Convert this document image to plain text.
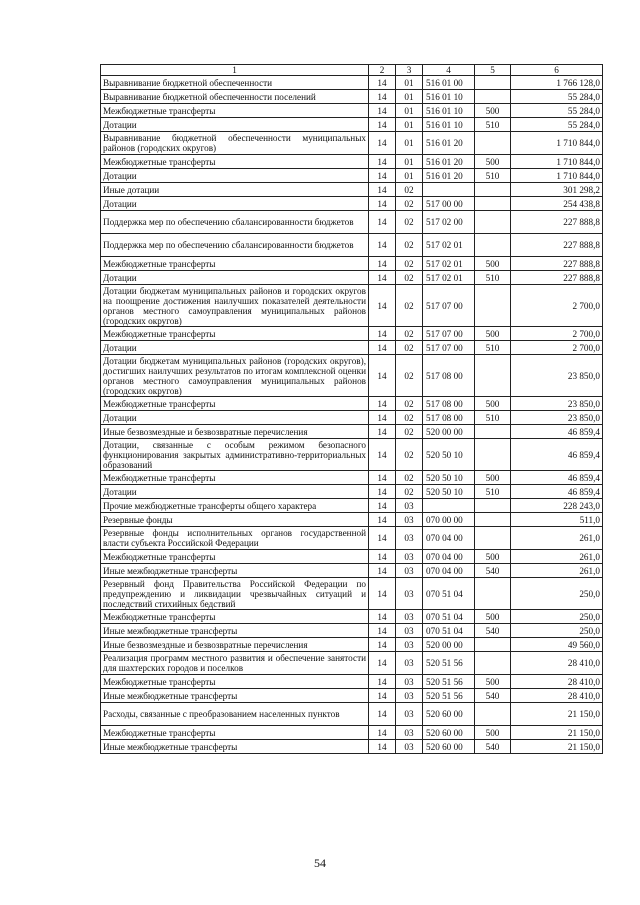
1	2	3	4	5	6
Выравнивание бюджетной обеспеченности	14	01	516 01 00		1 766 128,0
Выравнивание бюджетной обеспеченности поселений	14	01	516 01 10		55 284,0
Межбюджетные трансферты	14	01	516 01 10	500	55 284,0
Дотации	14	01	516 01 10	510	55 284,0
Выравнивание бюджетной обеспеченности муниципальных районов (городских округов)	14	01	516 01 20		1 710 844,0
Межбюджетные трансферты	14	01	516 01 20	500	1 710 844,0
Дотации	14	01	516 01 20	510	1 710 844,0
Иные дотации	14	02			301 298,2
Дотации	14	02	517 00 00		254 438,8
Поддержка мер по обеспечению сбалансированности бюджетов	14	02	517 02 00		227 888,8
Поддержка мер по обеспечению сбалансированности бюджетов	14	02	517 02 01		227 888,8
Межбюджетные трансферты	14	02	517 02 01	500	227 888,8
Дотации	14	02	517 02 01	510	227 888,8
Дотации бюджетам муниципальных районов и городских округов на поощрение достижения наилучших показателей деятельности органов местного самоуправления муниципальных районов (городских округов)	14	02	517 07 00		2 700,0
Межбюджетные трансферты	14	02	517 07 00	500	2 700,0
Дотации	14	02	517 07 00	510	2 700,0
Дотации бюджетам муниципальных районов (городских округов), достигших наилучших результатов по итогам комплексной оценки органов местного самоуправления муниципальных районов (городских округов)	14	02	517 08 00		23 850,0
Межбюджетные трансферты	14	02	517 08 00	500	23 850,0
Дотации	14	02	517 08 00	510	23 850,0
Иные безвозмездные и безвозвратные перечисления	14	02	520 00 00		46 859,4
Дотации, связанные с особым режимом безопасного функционирования закрытых административно-территориальных образований	14	02	520 50 10		46 859,4
Межбюджетные трансферты	14	02	520 50 10	500	46 859,4
Дотации	14	02	520 50 10	510	46 859,4
Прочие межбюджетные трансферты общего характера	14	03			228 243,0
Резервные фонды	14	03	070 00 00		511,0
Резервные фонды исполнительных органов государственной власти субъекта Российской Федерации	14	03	070 04 00		261,0
Межбюджетные трансферты	14	03	070 04 00	500	261,0
Иные межбюджетные трансферты	14	03	070 04 00	540	261,0
Резервный фонд Правительства Российской Федерации по предупреждению и ликвидации чрезвычайных ситуаций и последствий стихийных бедствий	14	03	070 51 04		250,0
Межбюджетные трансферты	14	03	070 51 04	500	250,0
Иные межбюджетные трансферты	14	03	070 51 04	540	250,0
Иные безвозмездные и безвозвратные перечисления	14	03	520 00 00		49 560,0
Реализация программ местного развития и обеспечение занятости для шахтерских городов и поселков	14	03	520 51 56		28 410,0
Межбюджетные трансферты	14	03	520 51 56	500	28 410,0
Иные межбюджетные трансферты	14	03	520 51 56	540	28 410,0
Расходы, связанные с преобразованием населенных пунктов	14	03	520 60 00		21 150,0
Межбюджетные трансферты	14	03	520 60 00	500	21 150,0
Иные межбюджетные трансферты	14	03	520 60 00	540	21 150,0
54
